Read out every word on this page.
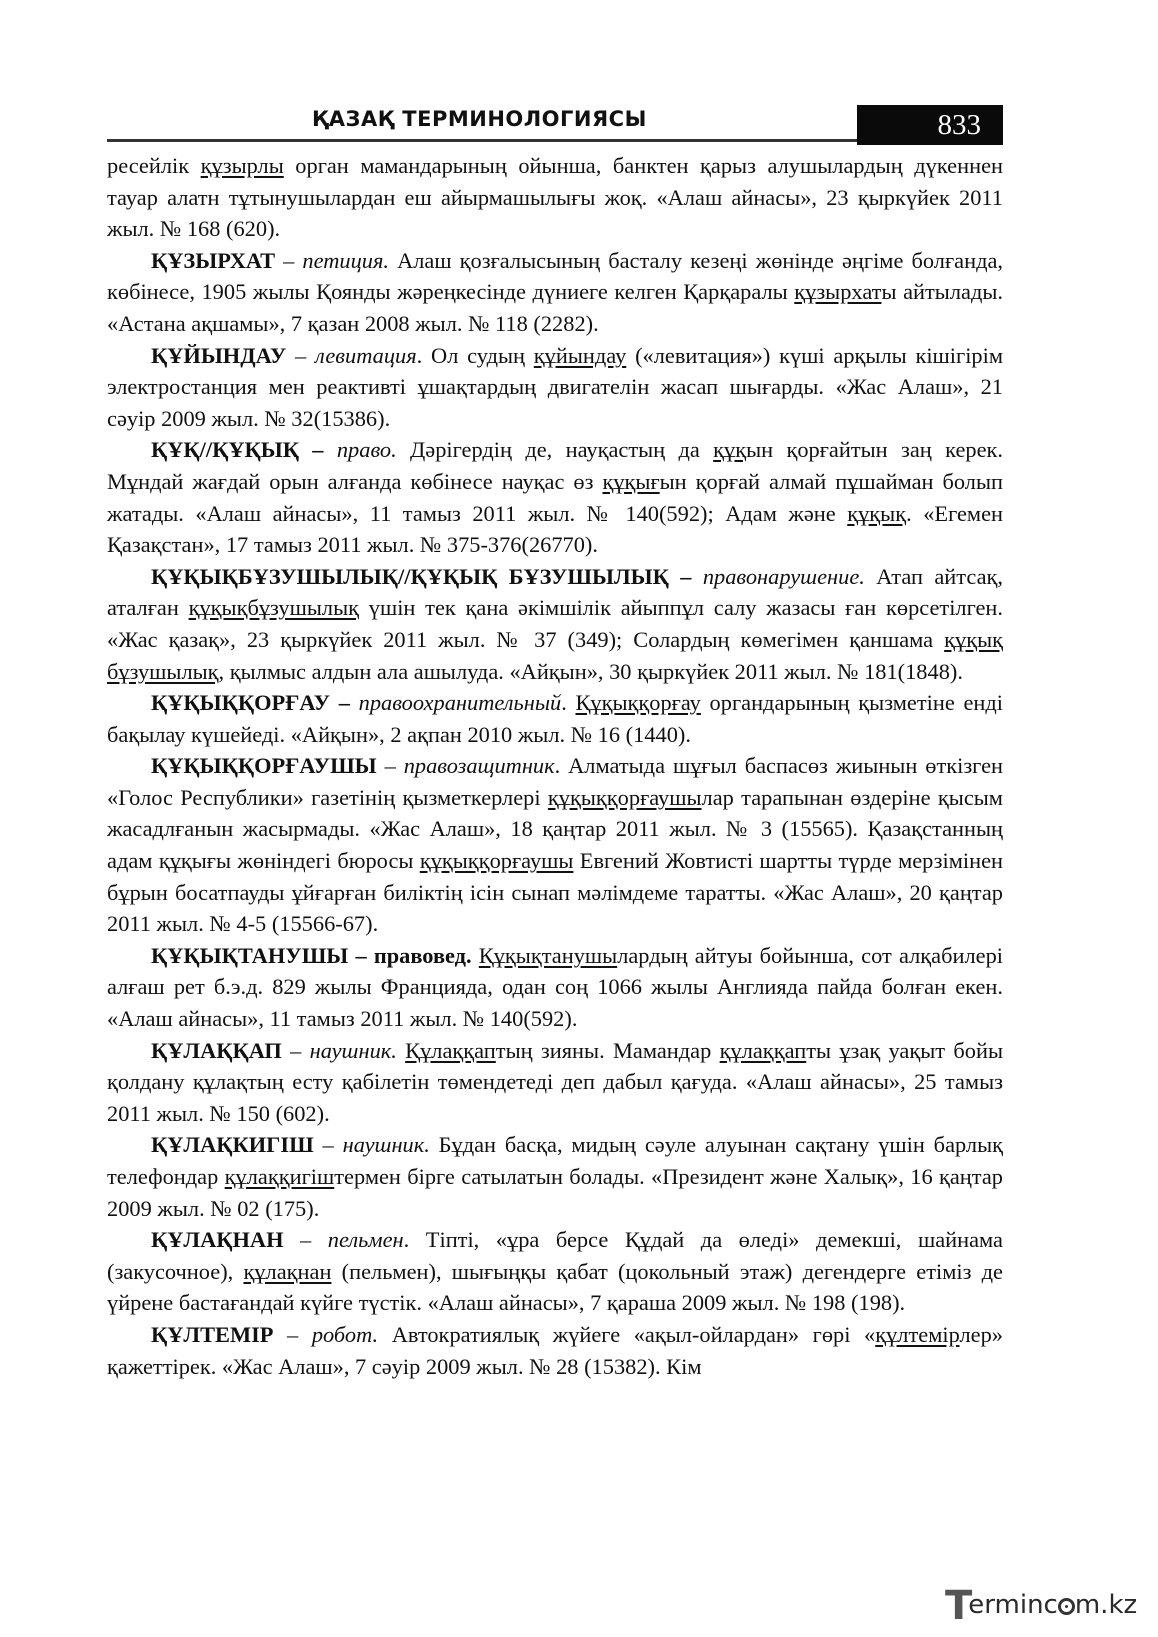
ҚАЗАҚ ТЕРМИНОЛОГИЯСЫ	833

ресейлік құзырлы орган мамандарының ойынша, банктен қарыз алушылардың дүкеннен тауар алатн тұтынушылардан еш айырмашылығы жоқ. «Алаш айнасы», 23 қыркүйек 2011 жыл. № 168 (620).

ҚҰЗЫРХАТ – петиция. Алаш қозғалысының басталу кезеңі жөнінде әңгіме болғанда, көбінесе, 1905 жылы Қоянды жәреңкесінде дүниеге келген Қарқаралы құзырхаты айтылады. «Астана ақшамы», 7 қазан 2008 жыл. № 118 (2282).

ҚҰЙЫНДАУ – левитация. Ол судың құйындау («левитация») күші арқылы кішігірім электростанция мен реактивті ұшақтардың двигателін жасап шығарды. «Жас Алаш», 21 сәуір 2009 жыл. № 32(15386).

ҚҰҚ//ҚҰҚЫҚ – право. Дәрігердің де, науқастың да құқын қорғайтын заң керек. Мұндай жағдай орын алғанда көбінесе науқас өз құқығын қорғай алмай пұшайман болып жатады. «Алаш айнасы», 11 тамыз 2011 жыл. № 140(592); Адам және құқық. «Егемен Қазақстан», 17 тамыз 2011 жыл. № 375-376(26770).

ҚҰҚЫҚБҰЗУШЫЛЫҚ//ҚҰҚЫҚ БҰЗУШЫЛЫҚ – правонарушение. Атап айтсақ, аталған құқықбұзушылық үшін тек қана әкімшілік айыппұл салу жазасы ған көрсетілген. «Жас қазақ», 23 қыркүйек 2011 жыл. № 37 (349); Солардың көмегімен қаншама құқық бұзушылық, қылмыс алдын ала ашылуда. «Айқын», 30 қыркүйек 2011 жыл. № 181(1848).

ҚҰҚЫҚҚОРҒАУ – правоохранительный. Құқыққорғау органдарының қызметіне енді бақылау күшейеді. «Айқын», 2 ақпан 2010 жыл. № 16 (1440).

ҚҰҚЫҚҚОРҒАУШЫ – правозащитник. Алматыда шұғыл баспасөз жиынын өткізген «Голос Республики» газетінің қызметкерлері құқыққорғаушылар тарапынан өздеріне қысым жасадлғанын жасырмады. «Жас Алаш», 18 қаңтар 2011 жыл. № 3 (15565). Қазақстанның адам құқығы жөніндегі бюросы құқыққорғаушы Евгений Жовтисті шартты түрде мерзімінен бұрын босатпауды ұйғарған биліктің ісін сынап мәлімдеме таратты. «Жас Алаш», 20 қаңтар 2011 жыл. № 4-5 (15566-67).

ҚҰҚЫҚТАНУШЫ – правовед. Құқықтанушылардың айтуы бойынша, сот алқабилері алғаш рет б.э.д. 829 жылы Францияда, одан соң 1066 жылы Англияда пайда болған екен. «Алаш айнасы», 11 тамыз 2011 жыл. № 140(592).

ҚҰЛАҚҚАП – наушник. Құлаққаптың зияны. Мамандар құлаққапты ұзақ уақыт бойы қолдану құлақтың есту қабілетін төмендетеді деп дабыл қағуда. «Алаш айнасы», 25 тамыз 2011 жыл. № 150 (602).

ҚҰЛАҚКИГІШ – наушник. Бұдан басқа, мидың сәуле алуынан сақтану үшін барлық телефондар құлаққигіштермен бірге сатылатын болады. «Президент және Халық», 16 қаңтар 2009 жыл. № 02 (175).

ҚҰЛАҚНАН – пельмен. Тіпті, «ұра берсе Құдай да өледі» демекші, шайнама (закусочное), құлақнан (пельмен), шығыңқы қабат (цокольный этаж) дегендерге етіміз де үйрене бастағандай күйге түстік. «Алаш айнасы», 7 қараша 2009 жыл. № 198 (198).

ҚҰЛТЕМІР – робот. Автократиялық жүйеге «ақыл-ойлардан» гөрі «құлтемірлер» қажеттірек. «Жас Алаш», 7 сәуір 2009 жыл. № 28 (15382). Кім

Terminc m.kz
